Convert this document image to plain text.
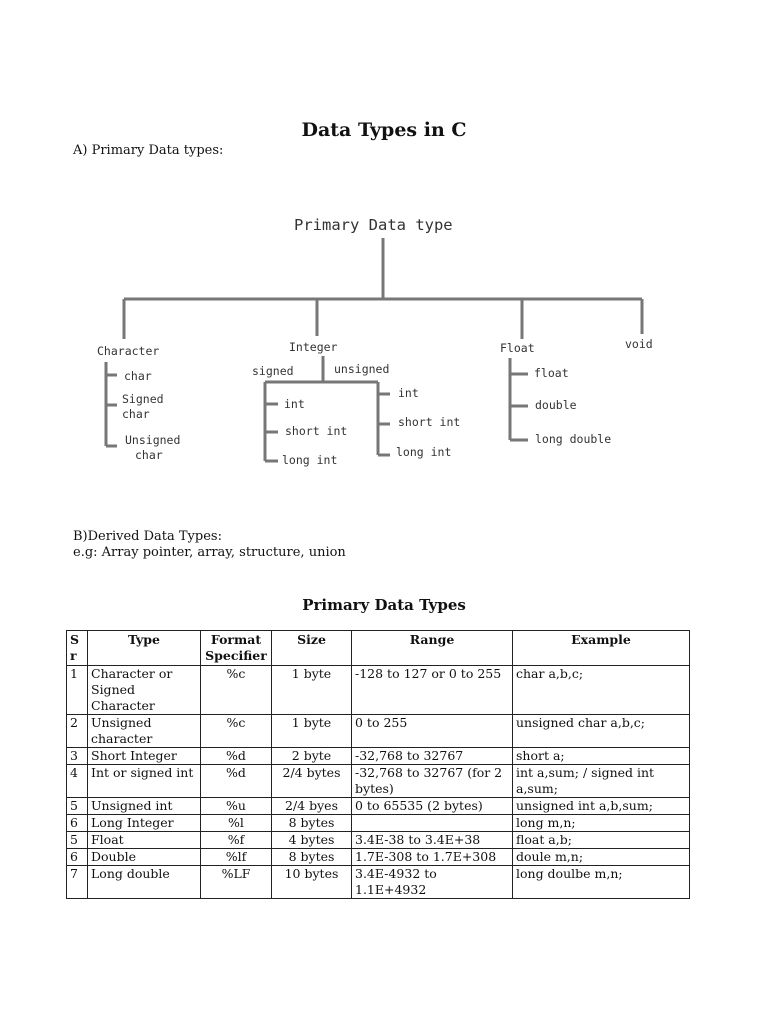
Data Types in C
A) Primary Data types:
Primary Data type
Character
char
Signed
char
Unsigned
char
Integer
signed	unsigned
int
short int
long int
int
short int
long int
Float
float
double
long double
void
B)Derived Data Types:
e.g: Array pointer, array, structure, union
Primary Data Types
S r	Type	Format Specifier	Size	Range	Example
1	Character or Signed Character	%c	1 byte	-128 to 127 or 0 to 255	char a,b,c;
2	Unsigned character	%c	1 byte	0 to 255	unsigned char a,b,c;
3	Short Integer	%d	2 byte	-32,768 to 32767	short a;
4	Int or signed int	%d	2/4 bytes	-32,768 to 32767 (for 2 bytes)	int a,sum; / signed int a,sum;
5	Unsigned int	%u	2/4 byes	0 to 65535 (2 bytes)	unsigned int a,b,sum;
6	Long Integer	%l	8 bytes		long m,n;
5	Float	%f	4 bytes	3.4E-38 to 3.4E+38	float a,b;
6	Double	%lf	8 bytes	1.7E-308 to 1.7E+308	doule m,n;
7	Long double	%LF	10 bytes	3.4E-4932 to 1.1E+4932	long doulbe m,n;
